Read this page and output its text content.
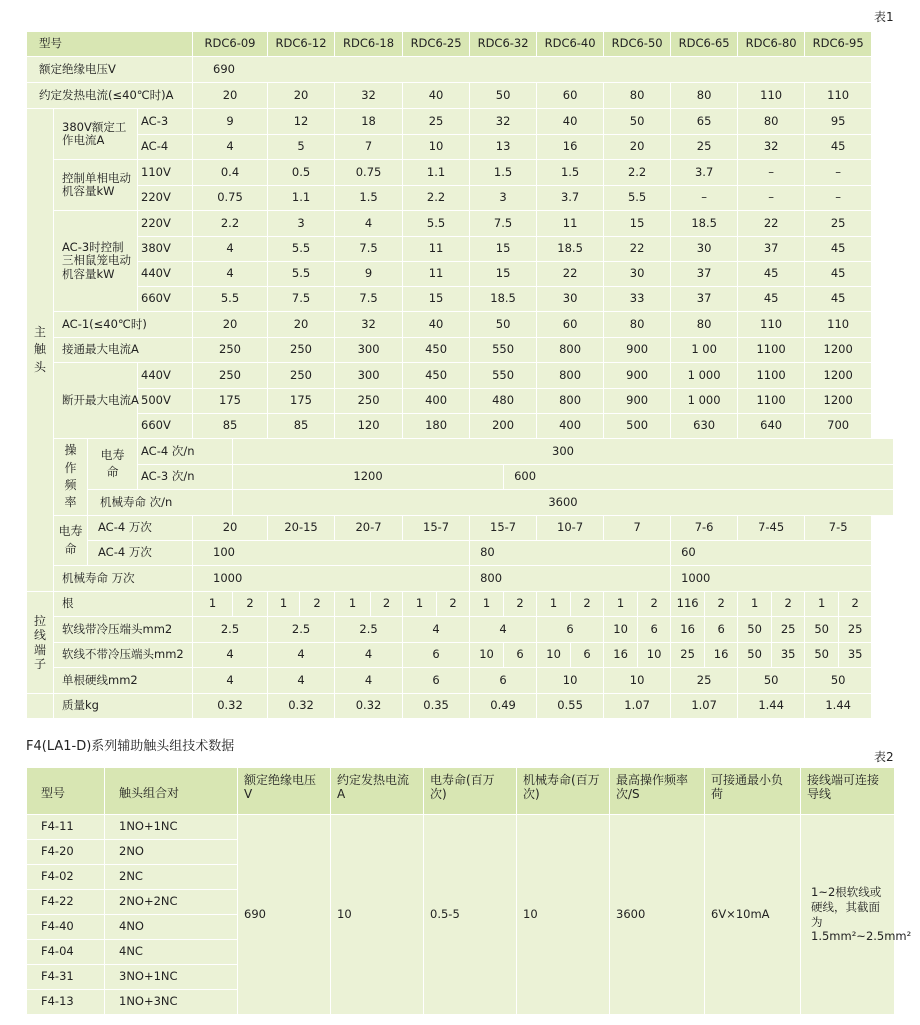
表1
型号				RDC6-09		RDC6-12		RDC6-18		RDC6-25		RDC6-32		RDC6-40		RDC6-50		RDC6-65		RDC6-80		RDC6-95	
额定绝缘电压V				690																			
约定发热电流(≤40℃时)A				20		20		32		40		50		60		80		80		110		110	
主触头	380V额定工作电流A		AC-3	9		12		18		25		32		40		50		65		80		95	
			AC-4	4		5		7		10		13		16		20		25		32		45	
	控制单相电动机容量kW		110V	0.4		0.5		0.75		1.1		1.5		1.5		2.2		3.7		–		–	
			220V	0.75		1.1		1.5		2.2		3		3.7		5.5		–		–		–	
	AC-3时控制三相鼠笼电动机容量kW		220V	2.2		3		4		5.5		7.5		11		15		18.5		22		25	
			380V	4		5.5		7.5		11		15		18.5		22		30		37		45	
			440V	4		5.5		9		11		15		22		30		37		45		45	
			660V	5.5		7.5		7.5		15		18.5		30		33		37		45		45	
	AC-1(≤40℃时)			20		20		32		40		50		60		80		80		110		110	
	接通最大电流A			250		250		300		450		550		800		900		1 00		1100		1200	
	断开最大电流A		440V	250		250		300		450		550		800		900		1 000		1100		1200	
			500V	175		175		250		400		480		800		900		1 000		1100		1200	
			660V	85		85		120		180		200		400		500		630		640		700	
	操作频率	电寿命	AC-4 次/n		300																		
			AC-3 次/n		1200								600										
		机械寿命 次/n			3600																		
	电寿命	AC-4 万次		20		20-15		20-7		15-7		15-7		10-7		7		7-6		7-45		7-5	
		AC-4 万次		100								80						60					
	机械寿命 万次			1000								800						1000					
拉线端子	根			1	2	1	2	1	2	1	2	1	2	1	2	1	2	116	2	1	2	1	2
	软线带冷压端头mm2			2.5		2.5		2.5		4		4		6		10	6	16	6	50	25	50	25
	软线不带冷压端头mm2			4		4		4		6		10	6	10	6	16	10	25	16	50	35	50	35
	单根硬线mm2			4		4		4		6		6		10		10		25		50		50	
	质量kg			0.32		0.32		0.32		0.35		0.49		0.55		1.07		1.07		1.44		1.44	
F4(LA1-D)系列辅助触头组技术数据
表2
型号	触头组合对	额定绝缘电压V	约定发热电流A	电寿命(百万次)	机械寿命(百万次)	最高操作频率次/S	可接通最小负荷	接线端可连接导线
F4-11	1NO+1NC	690	10	0.5-5	10	3600	6V×10mA	1~2根软线或硬线，其截面为1.5mm²~2.5mm²
F4-20	2NO							
F4-02	2NC							
F4-22	2NO+2NC							
F4-40	4NO							
F4-04	4NC							
F4-31	3NO+1NC							
F4-13	1NO+3NC							
